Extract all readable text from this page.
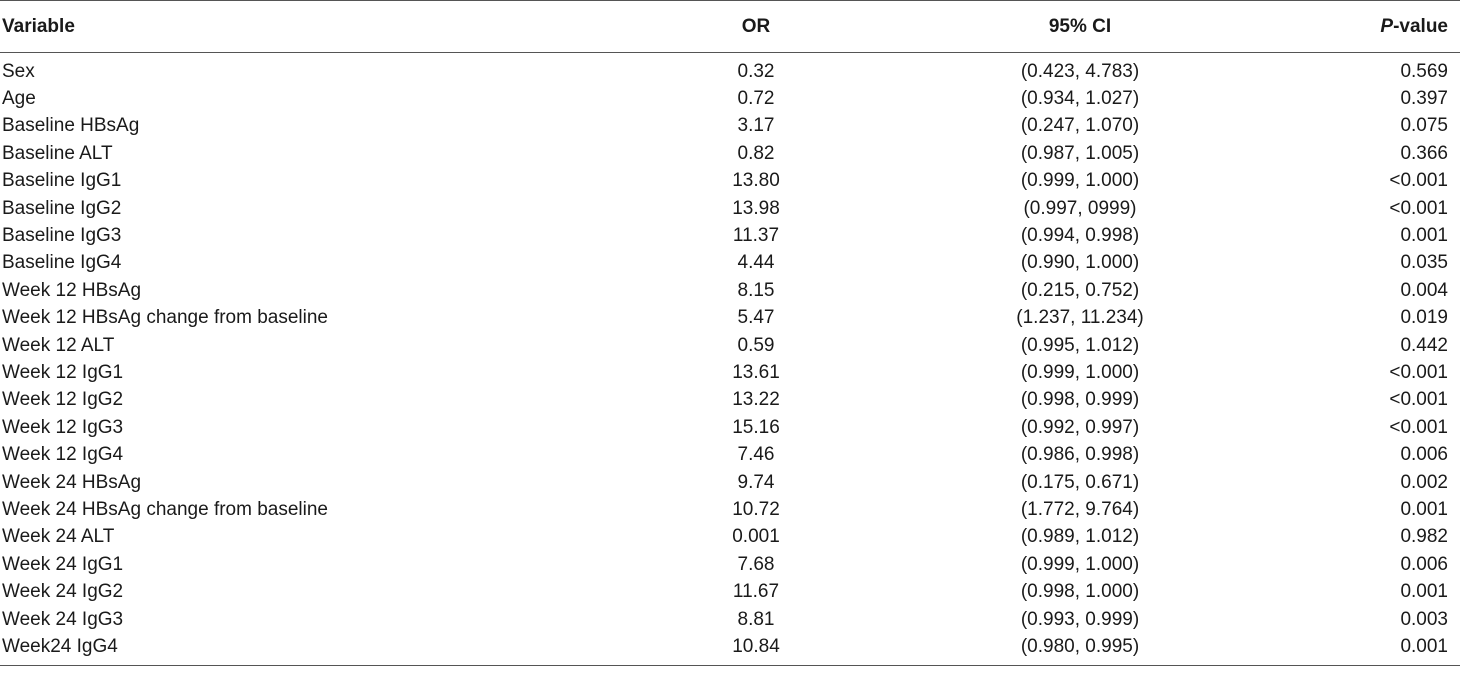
Variable	OR	95% CI	P-value
Sex	0.32	(0.423, 4.783)	0.569
Age	0.72	(0.934, 1.027)	0.397
Baseline HBsAg	3.17	(0.247, 1.070)	0.075
Baseline ALT	0.82	(0.987, 1.005)	0.366
Baseline IgG1	13.80	(0.999, 1.000)	<0.001
Baseline IgG2	13.98	(0.997, 0999)	<0.001
Baseline IgG3	11.37	(0.994, 0.998)	0.001
Baseline IgG4	4.44	(0.990, 1.000)	0.035
Week 12 HBsAg	8.15	(0.215, 0.752)	0.004
Week 12 HBsAg change from baseline	5.47	(1.237, 11.234)	0.019
Week 12 ALT	0.59	(0.995, 1.012)	0.442
Week 12 IgG1	13.61	(0.999, 1.000)	<0.001
Week 12 IgG2	13.22	(0.998, 0.999)	<0.001
Week 12 IgG3	15.16	(0.992, 0.997)	<0.001
Week 12 IgG4	7.46	(0.986, 0.998)	0.006
Week 24 HBsAg	9.74	(0.175, 0.671)	0.002
Week 24 HBsAg change from baseline	10.72	(1.772, 9.764)	0.001
Week 24 ALT	0.001	(0.989, 1.012)	0.982
Week 24 IgG1	7.68	(0.999, 1.000)	0.006
Week 24 IgG2	11.67	(0.998, 1.000)	0.001
Week 24 IgG3	8.81	(0.993, 0.999)	0.003
Week24 IgG4	10.84	(0.980, 0.995)	0.001
